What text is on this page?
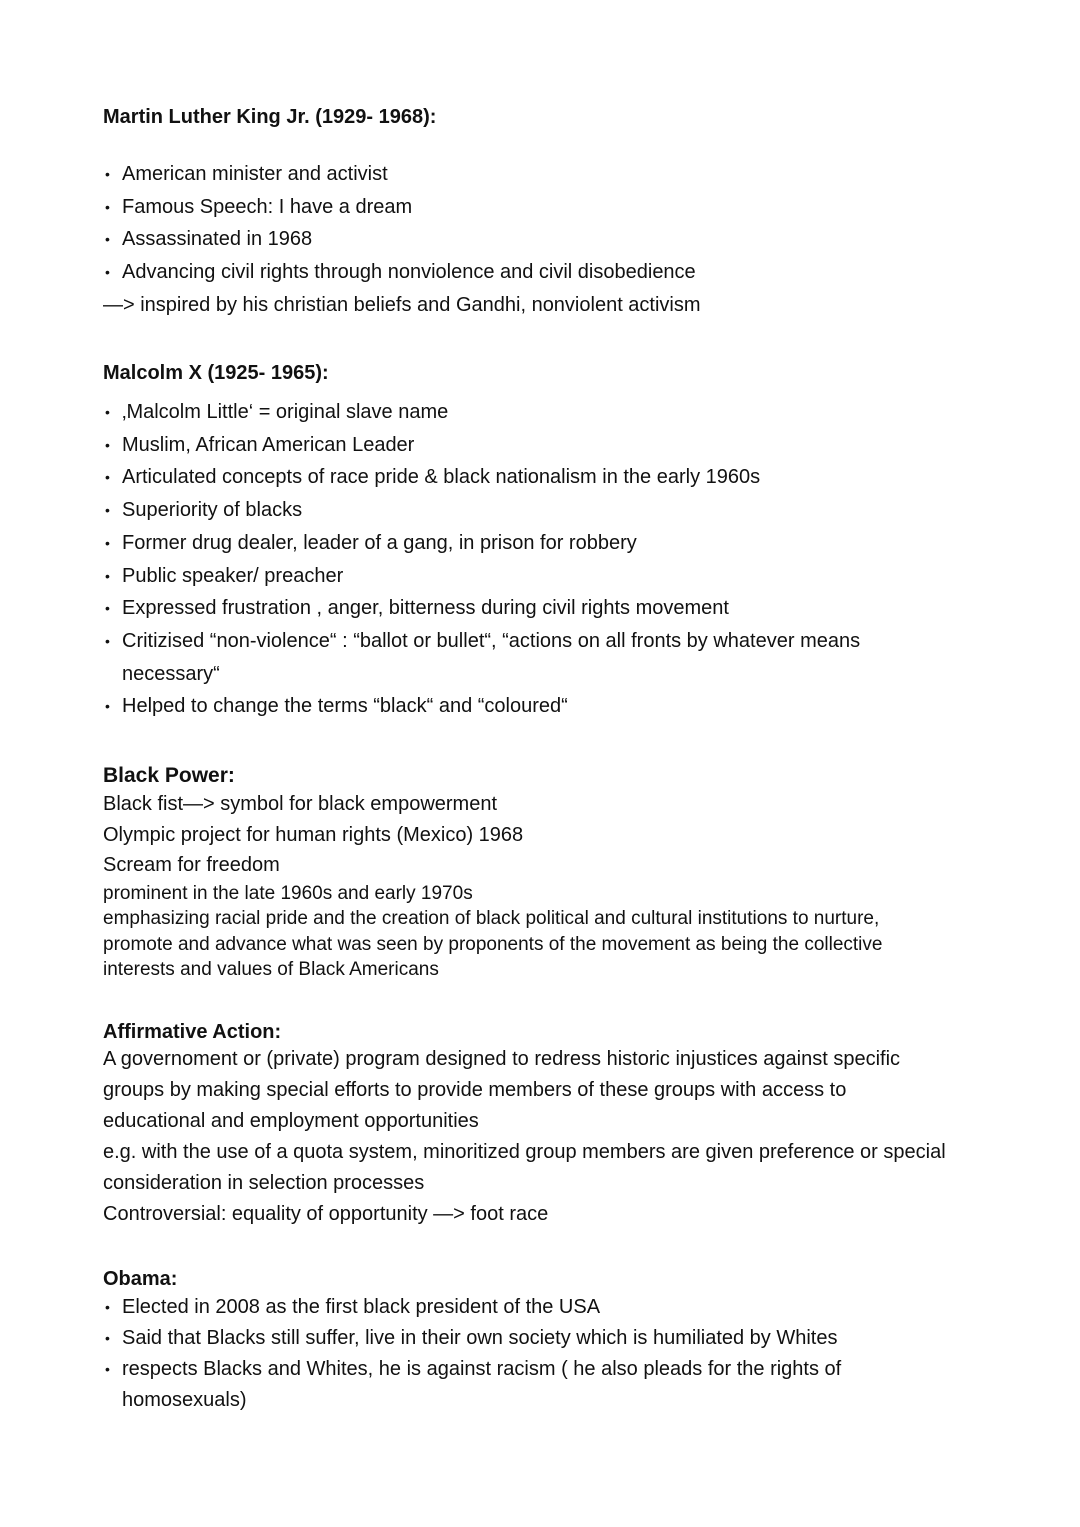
Martin Luther King Jr. (1929- 1968):

• American minister and activist
• Famous Speech: I have a dream
• Assassinated in 1968
• Advancing civil rights through nonviolence and civil disobedience

—> inspired by his christian beliefs and Gandhi, nonviolent activism

Malcolm X (1925- 1965):

• ‚Malcolm Little‘ = original slave name
• Muslim, African American Leader
• Articulated concepts of race pride & black nationalism in the early 1960s
• Superiority of blacks
• Former drug dealer, leader of a gang, in prison for robbery
• Public speaker/ preacher
• Expressed frustration , anger, bitterness during civil rights movement
• Critizised “non-violence“ : “ballot or bullet“, “actions on all fronts by whatever means necessary“
• Helped to change the terms “black“ and “coloured“

Black Power:

Black fist—> symbol for black empowerment

Olympic project for human rights (Mexico) 1968

Scream for freedom

prominent in the late 1960s and early 1970s

emphasizing racial pride and the creation of black political and cultural institutions to nurture, promote and advance what was seen by proponents of the movement as being the collective interests and values of Black Americans

Affirmative Action:

A governoment or (private) program designed to redress historic injustices against specific groups by making special efforts to provide members of these groups with access to educational and employment opportunities

e.g. with the use of a quota system, minoritized group members are given preference or special consideration in selection processes

Controversial: equality of opportunity —> foot race

Obama:

• Elected in 2008 as the first black president of the USA
• Said that Blacks still suffer, live in their own society which is humiliated by Whites
• respects Blacks and Whites, he is against racism ( he also pleads for the rights of homosexuals)
